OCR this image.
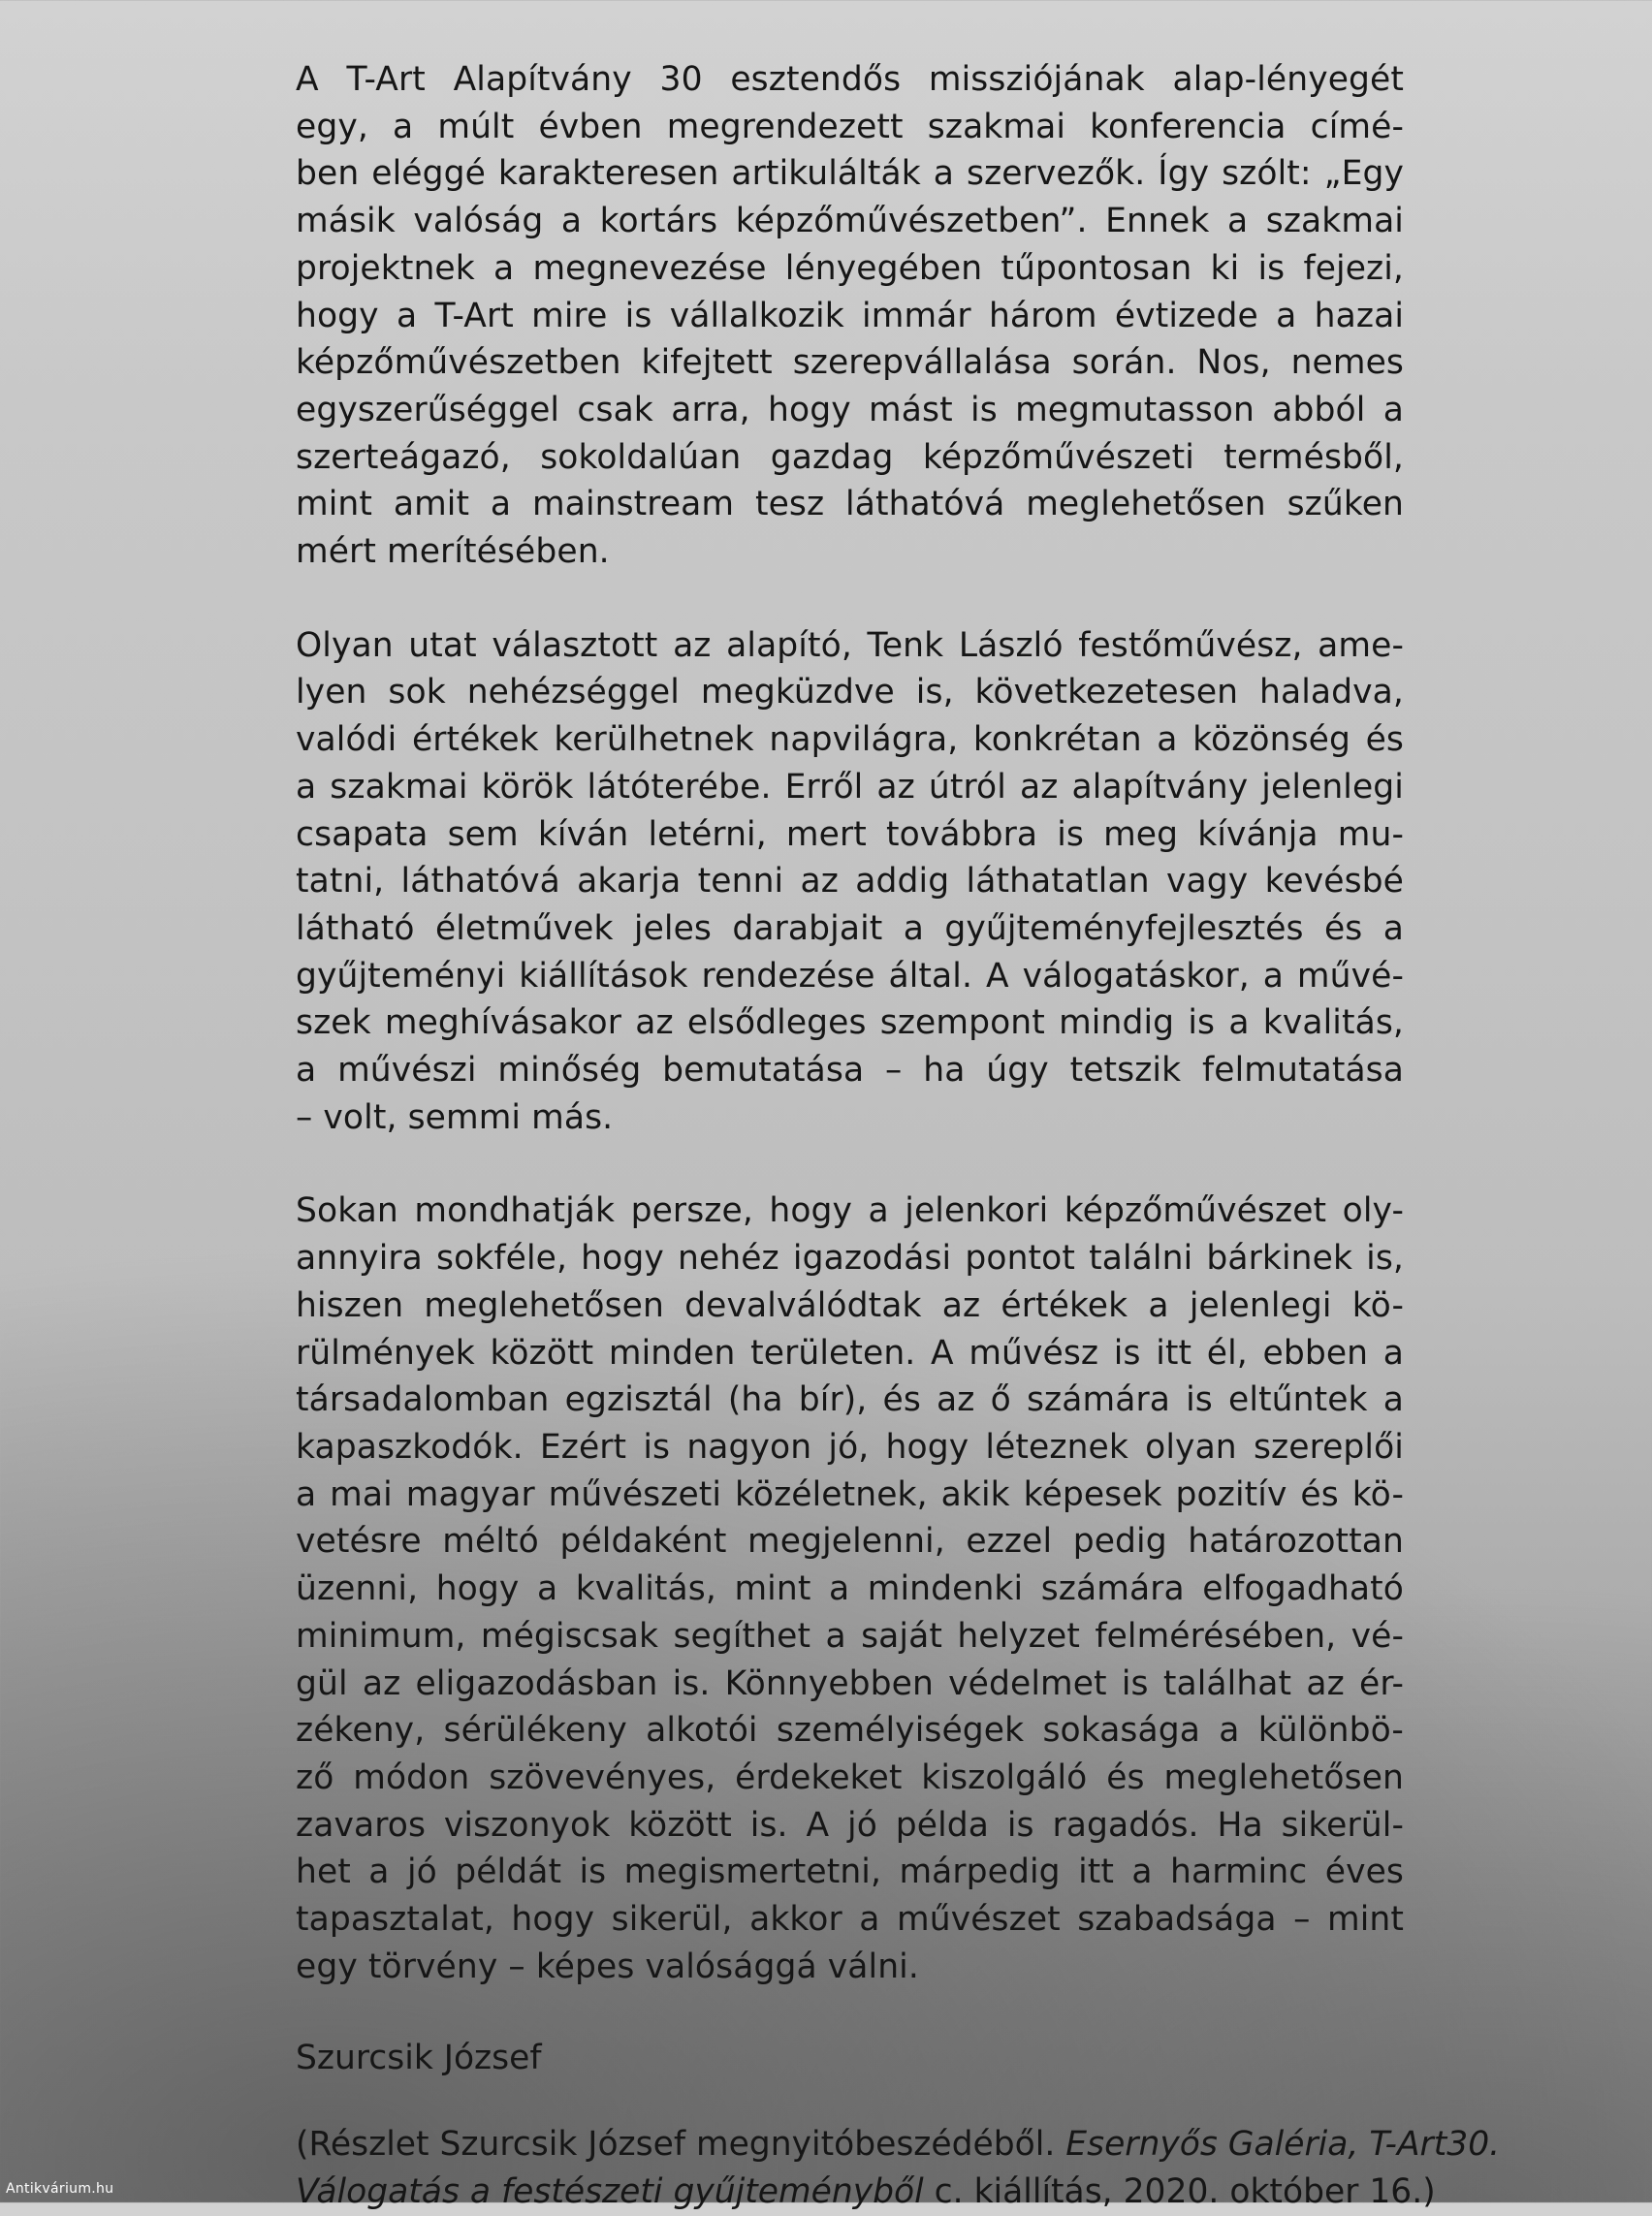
A T-Art Alapítvány 30 esztendős missziójának alap-lényegét
egy, a múlt évben megrendezett szakmai konferencia címé-
ben eléggé karakteresen artikulálták a szervezők. Így szólt: „Egy
másik valóság a kortárs képzőművészetben”. Ennek a szakmai
projektnek a megnevezése lényegében tűpontosan ki is fejezi,
hogy a T-Art mire is vállalkozik immár három évtizede a hazai
képzőművészetben kifejtett szerepvállalása során. Nos, nemes
egyszerűséggel csak arra, hogy mást is megmutasson abból a
szerteágazó, sokoldalúan gazdag képzőművészeti termésből,
mint amit a mainstream tesz láthatóvá meglehetősen szűken
mért merítésében.
Olyan utat választott az alapító, Tenk László festőművész, ame-
lyen sok nehézséggel megküzdve is, következetesen haladva,
valódi értékek kerülhetnek napvilágra, konkrétan a közönség és
a szakmai körök látóterébe. Erről az útról az alapítvány jelenlegi
csapata sem kíván letérni, mert továbbra is meg kívánja mu-
tatni, láthatóvá akarja tenni az addig láthatatlan vagy kevésbé
látható életművek jeles darabjait a gyűjteményfejlesztés és a
gyűjteményi kiállítások rendezése által. A válogatáskor, a művé-
szek meghívásakor az elsődleges szempont mindig is a kvalitás,
a művészi minőség bemutatása – ha úgy tetszik felmutatása
– volt, semmi más.
Sokan mondhatják persze, hogy a jelenkori képzőművészet oly-
annyira sokféle, hogy nehéz igazodási pontot találni bárkinek is,
hiszen meglehetősen devalválódtak az értékek a jelenlegi kö-
rülmények között minden területen. A művész is itt él, ebben a
társadalomban egzisztál (ha bír), és az ő számára is eltűntek a
kapaszkodók. Ezért is nagyon jó, hogy léteznek olyan szereplői
a mai magyar művészeti közéletnek, akik képesek pozitív és kö-
vetésre méltó példaként megjelenni, ezzel pedig határozottan
üzenni, hogy a kvalitás, mint a mindenki számára elfogadható
minimum, mégiscsak segíthet a saját helyzet felmérésében, vé-
gül az eligazodásban is. Könnyebben védelmet is találhat az ér-
zékeny, sérülékeny alkotói személyiségek sokasága a különbö-
ző módon szövevényes, érdekeket kiszolgáló és meglehetősen
zavaros viszonyok között is. A jó példa is ragadós. Ha sikerül-
het a jó példát is megismertetni, márpedig itt a harminc éves
tapasztalat, hogy sikerül, akkor a művészet szabadsága – mint
egy törvény – képes valósággá válni.
Szurcsik József
(Részlet Szurcsik József megnyitóbeszédéből. Esernyős Galéria, T-Art30.
Válogatás a festészeti gyűjteményből c. kiállítás, 2020. október 16.)
Antikvárium.hu
